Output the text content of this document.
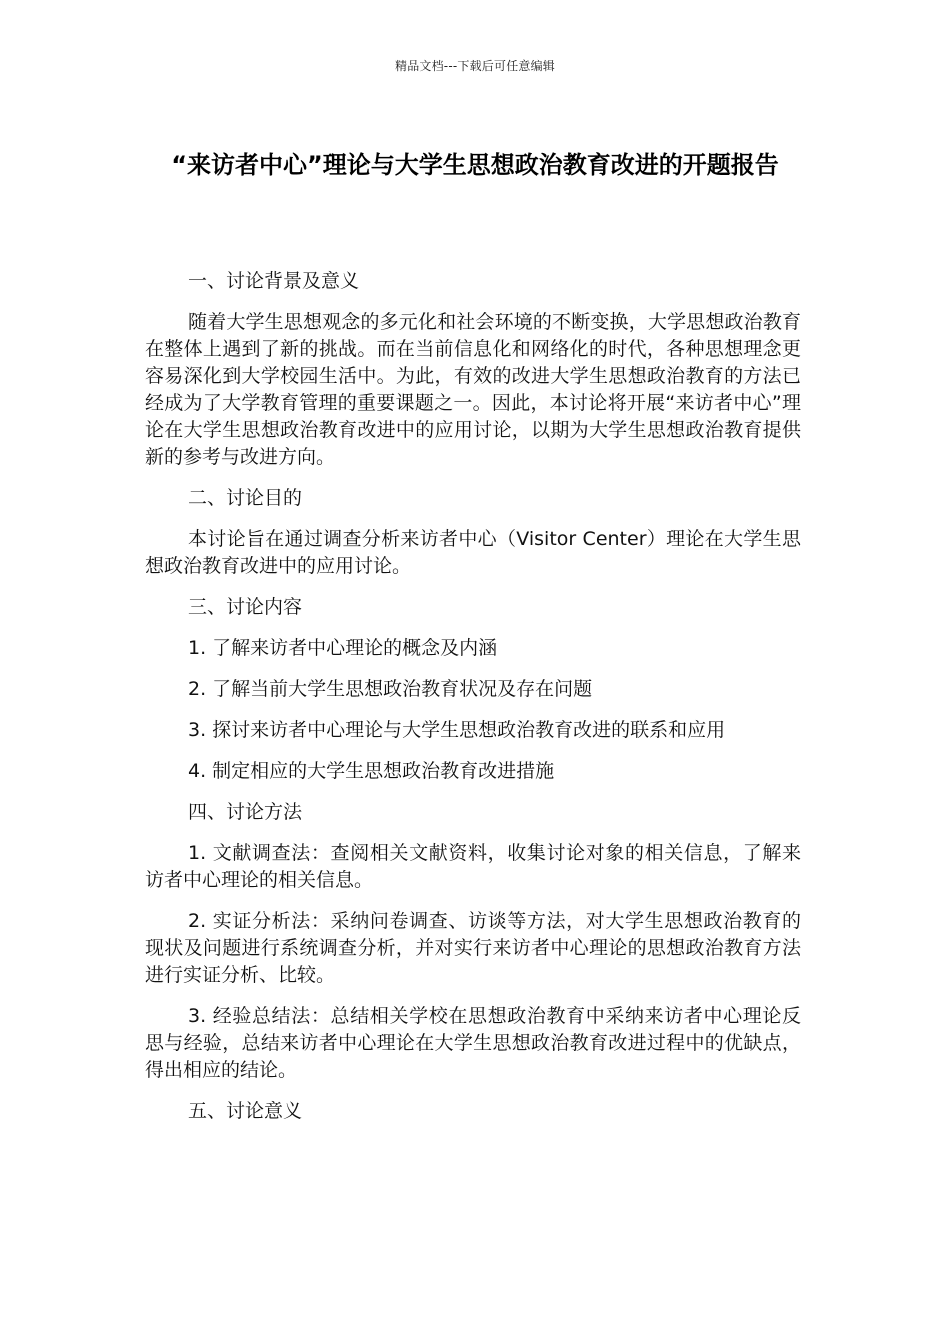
精品文档---下载后可任意编辑
“来访者中心”理论与大学生思想政治教育改进的开题报告
一、讨论背景及意义
随着大学生思想观念的多元化和社会环境的不断变换，大学思想政治教育在整体上遇到了新的挑战。而在当前信息化和网络化的时代，各种思想理念更容易深化到大学校园生活中。为此，有效的改进大学生思想政治教育的方法已经成为了大学教育管理的重要课题之一。因此，本讨论将开展“来访者中心”理论在大学生思想政治教育改进中的应用讨论，以期为大学生思想政治教育提供新的参考与改进方向。
二、讨论目的
本讨论旨在通过调查分析来访者中心（Visitor Center）理论在大学生思想政治教育改进中的应用讨论。
三、讨论内容
1. 了解来访者中心理论的概念及内涵
2. 了解当前大学生思想政治教育状况及存在问题
3. 探讨来访者中心理论与大学生思想政治教育改进的联系和应用
4. 制定相应的大学生思想政治教育改进措施
四、讨论方法
1. 文献调查法：查阅相关文献资料，收集讨论对象的相关信息，了解来访者中心理论的相关信息。
2. 实证分析法：采纳问卷调查、访谈等方法，对大学生思想政治教育的现状及问题进行系统调查分析，并对实行来访者中心理论的思想政治教育方法进行实证分析、比较。
3. 经验总结法：总结相关学校在思想政治教育中采纳来访者中心理论反思与经验，总结来访者中心理论在大学生思想政治教育改进过程中的优缺点，得出相应的结论。
五、讨论意义
